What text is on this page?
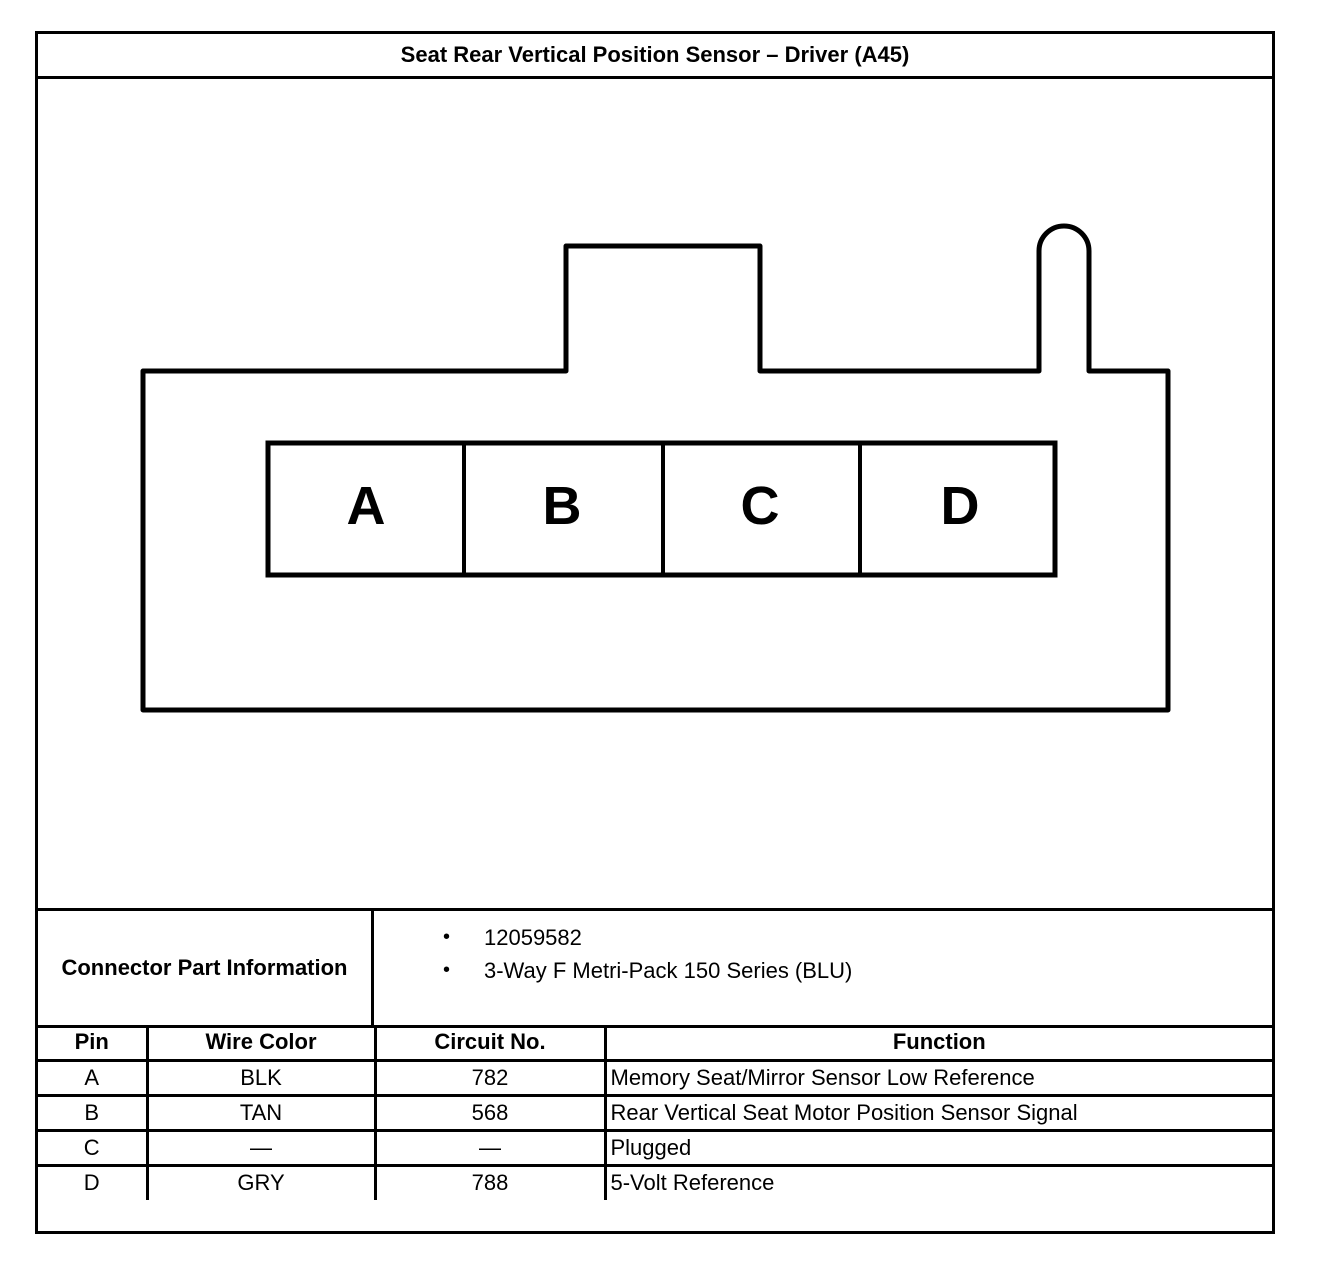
Seat Rear Vertical Position Sensor – Driver (A45)
A	B	C	D
Connector Part Information
•	12059582
•	3-Way F Metri-Pack 150 Series (BLU)
Pin	Wire Color	Circuit No.	Function
A	BLK	782	Memory Seat/Mirror Sensor Low Reference
B	TAN	568	Rear Vertical Seat Motor Position Sensor Signal
C	—	—	Plugged
D	GRY	788	5-Volt Reference
